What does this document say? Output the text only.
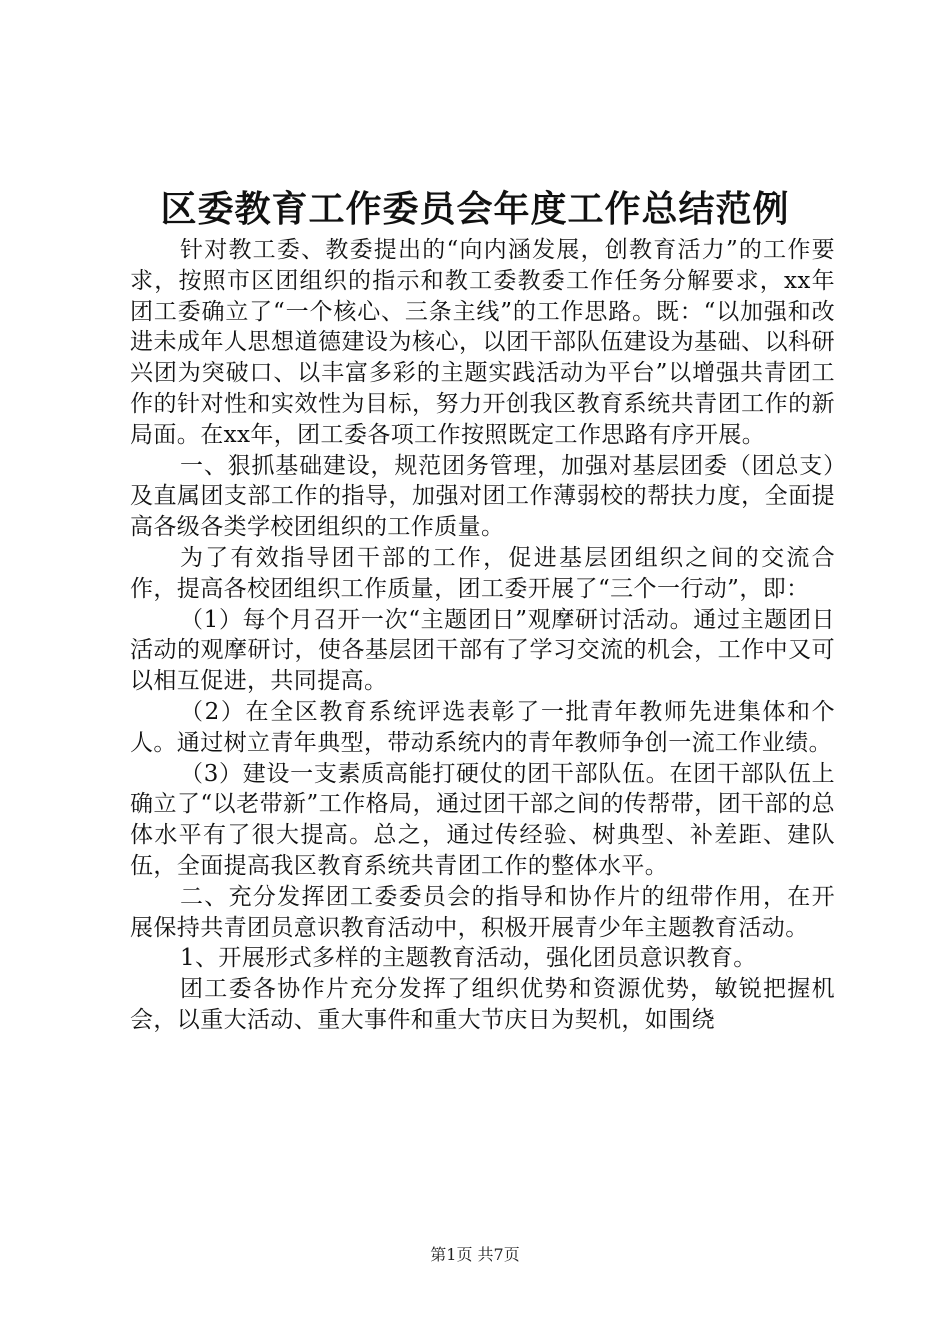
区委教育工作委员会年度工作总结范例

针对教工委、教委提出的“向内涵发展，创教育活力”的工作要求，按照市区团组织的指示和教工委教委工作任务分解要求，xx年团工委确立了“一个核心、三条主线”的工作思路。既：“以加强和改进未成年人思想道德建设为核心，以团干部队伍建设为基础、以科研兴团为突破口、以丰富多彩的主题实践活动为平台”以增强共青团工作的针对性和实效性为目标，努力开创我区教育系统共青团工作的新局面。在xx年，团工委各项工作按照既定工作思路有序开展。

一、狠抓基础建设，规范团务管理，加强对基层团委（团总支）及直属团支部工作的指导，加强对团工作薄弱校的帮扶力度，全面提高各级各类学校团组织的工作质量。

为了有效指导团干部的工作，促进基层团组织之间的交流合作，提高各校团组织工作质量，团工委开展了“三个一行动”，即：

（1）每个月召开一次“主题团日”观摩研讨活动。通过主题团日活动的观摩研讨，使各基层团干部有了学习交流的机会，工作中又可以相互促进，共同提高。

（2）在全区教育系统评选表彰了一批青年教师先进集体和个人。通过树立青年典型，带动系统内的青年教师争创一流工作业绩。

（3）建设一支素质高能打硬仗的团干部队伍。在团干部队伍上确立了“以老带新”工作格局，通过团干部之间的传帮带，团干部的总体水平有了很大提高。总之，通过传经验、树典型、补差距、建队伍，全面提高我区教育系统共青团工作的整体水平。

二、充分发挥团工委委员会的指导和协作片的纽带作用，在开展保持共青团员意识教育活动中，积极开展青少年主题教育活动。

1、开展形式多样的主题教育活动，强化团员意识教育。

团工委各协作片充分发挥了组织优势和资源优势，敏锐把握机会，以重大活动、重大事件和重大节庆日为契机，如围绕

第1页 共7页
